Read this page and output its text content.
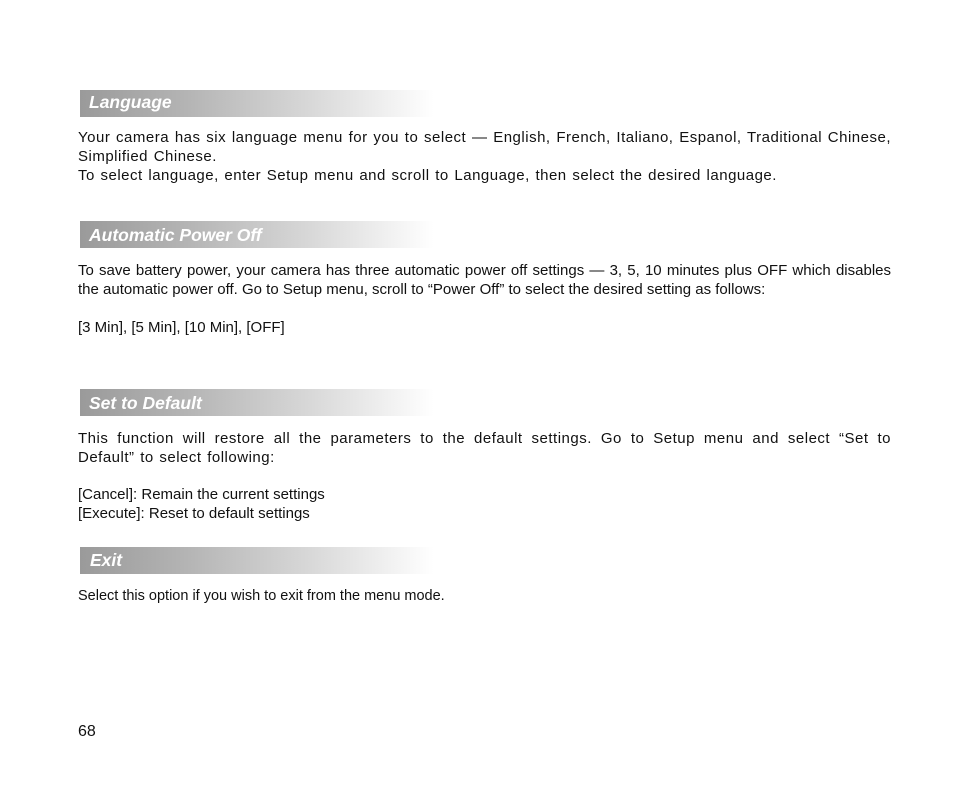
Language

Your camera has six language menu for you to select — English, French, Italiano, Espanol, Traditional Chinese, Simplified Chinese.
To select language, enter Setup menu and scroll to Language, then select the desired language.

Automatic Power Off

To save battery power, your camera has three automatic power off settings — 3, 5, 10 minutes plus OFF which disables the automatic power off. Go to Setup menu, scroll to “Power Off” to select the desired setting as follows:

[3 Min], [5 Min], [10 Min], [OFF]

Set to Default

This function will restore all the parameters to the default settings. Go to Setup menu and select “Set to Default” to select following:

[Cancel]: Remain the current settings
[Execute]: Reset to default settings

Exit

Select this option if you wish to exit from the menu mode.

68
